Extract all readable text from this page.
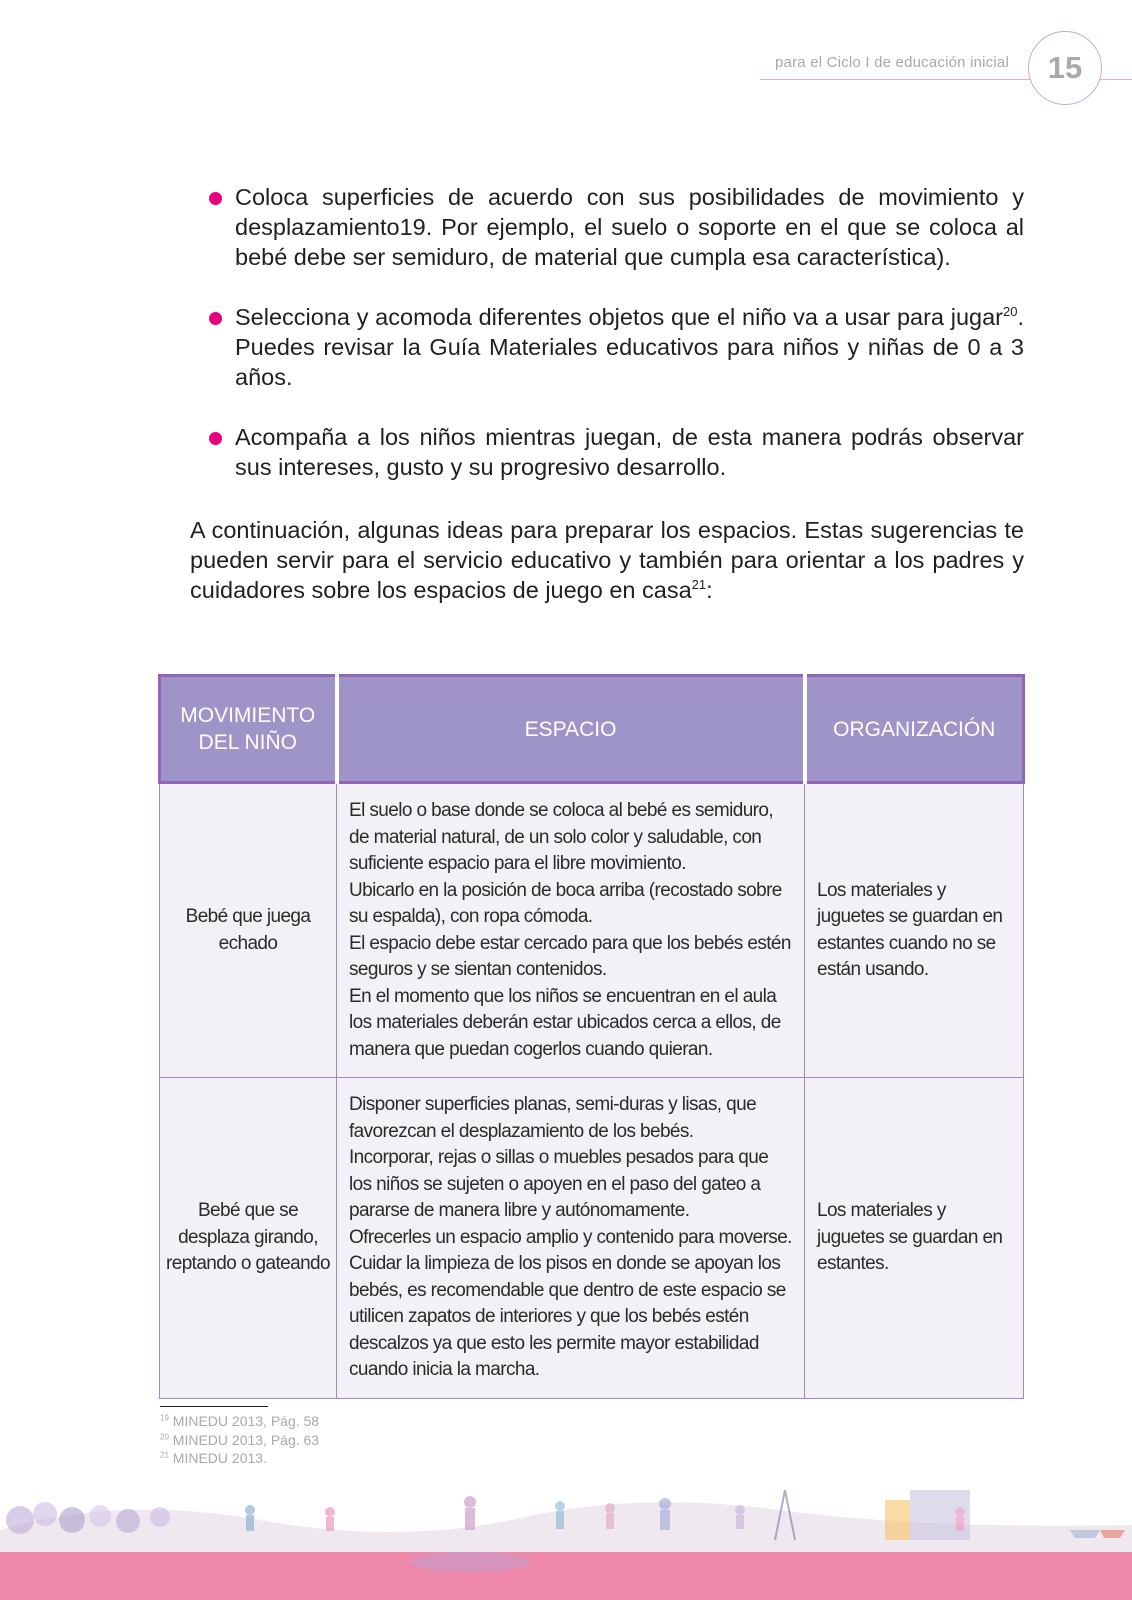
para el Ciclo I de educación inicial	15
Coloca superficies de acuerdo con sus posibilidades de movimiento y desplazamiento19. Por ejemplo, el suelo o soporte en el que se coloca al bebé debe ser semiduro, de material que cumpla esa característica).
Selecciona y acomoda diferentes objetos que el niño va a usar para jugar$^{20}$. Puedes revisar la Guía Materiales educativos para niños y niñas de 0 a 3 años.
Acompaña a los niños mientras juegan, de esta manera podrás observar sus intereses, gusto y su progresivo desarrollo.
A continuación, algunas ideas para preparar los espacios. Estas sugerencias te pueden servir para el servicio educativo y también para orientar a los padres y cuidadores sobre los espacios de juego en casa$^{21}$:
MOVIMIENTO DEL NIÑO	ESPACIO	ORGANIZACIÓN
Bebé que juega echado	El suelo o base donde se coloca al bebé es semiduro, de material natural, de un solo color y saludable, con suficiente espacio para el libre movimiento. Ubicarlo en la posición de boca arriba (recostado sobre su espalda), con ropa cómoda. El espacio debe estar cercado para que los bebés estén seguros y se sientan contenidos. En el momento que los niños se encuentran en el aula los materiales deberán estar ubicados cerca a ellos, de manera que puedan cogerlos cuando quieran.	Los materiales y juguetes se guardan en estantes cuando no se están usando.
Bebé que se desplaza girando, reptando o gateando	Disponer superficies planas, semi-duras y lisas, que favorezcan el desplazamiento de los bebés. Incorporar, rejas o sillas o muebles pesados para que los niños se sujeten o apoyen en el paso del gateo a pararse de manera libre y autónomamente. Ofrecerles un espacio amplio y contenido para moverse. Cuidar la limpieza de los pisos en donde se apoyan los bebés, es recomendable que dentro de este espacio se utilicen zapatos de interiores y que los bebés estén descalzos ya que esto les permite mayor estabilidad cuando inicia la marcha.	Los materiales y juguetes se guardan en estantes.
$^{19}$ MINEDU 2013, Pág. 58
$^{20}$ MINEDU 2013, Pág. 63
$^{21}$ MINEDU 2013.
